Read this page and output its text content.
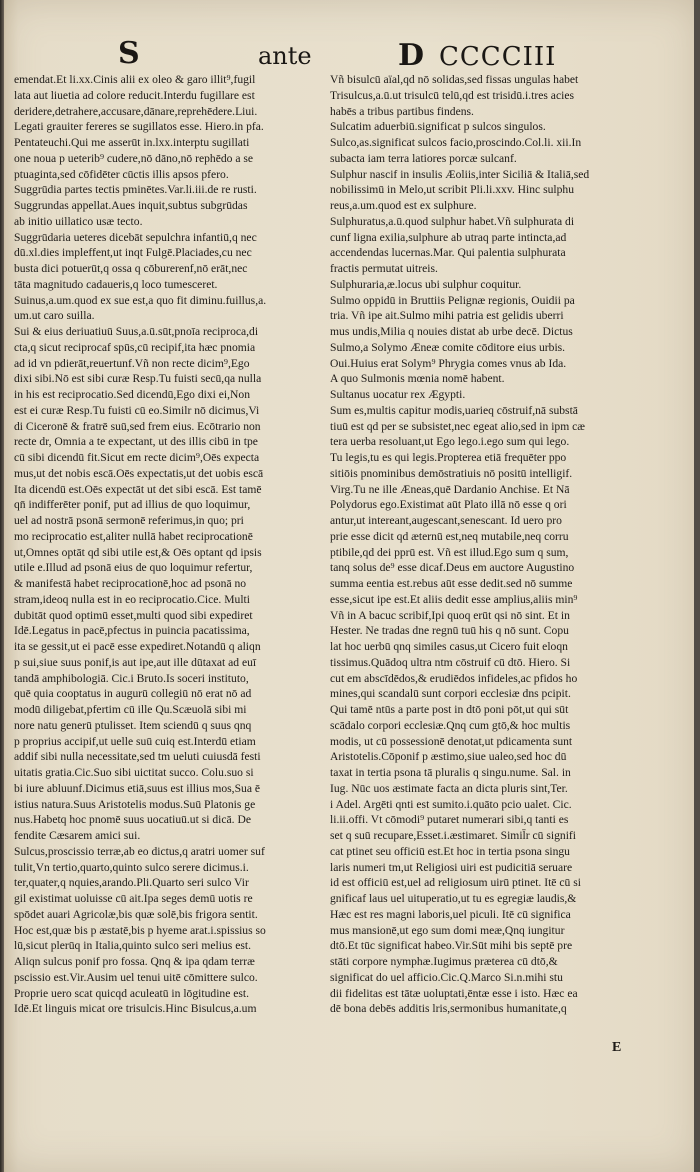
S	ante	D CCCCIII
emendat.Et li.xx.Cinis alii ex oleo & garo illit⁹,fugil
lata aut liuetia ad colore reducit.Interdu fugillare est
deridere,detrahere,accusare,dānare,reprehēdere.Liui.
Legati grauiter fereres se sugillatos esse. Hiero.in pfa.
Pentateuchi.Qui me asserūt in.lxx.interptu sugillati
one noua p ueterib⁹ cudere,nō dāno,nō rephēdo a se
ptuaginta,sed cōfidēter cūctis illis apsos pfero.
Suggrūdia partes tectis pminētes.Var.li.iii.de re rusti.
Suggrundas appellat.Aues inquit,subtus subgrūdas
ab initio uillatico usæ tecto.
Suggrūdaria ueteres dicebāt sepulchra infantiū,q nec
dū.xl.dies impleffent,ut inqt Fulgē.Placiades,cu nec
busta dici potuerūt,q ossa q cōburerenf,nō erāt,nec
tāta magnitudo cadaueris,q loco tumesceret.
Suinus,a.um.quod ex sue est,a quo fit diminu.fuillus,a.
um.ut caro suilla.
Sui & eius deriuatiuū Suus,a.ū.sūt,pnoīa reciproca,di
cta,q sicut reciprocaf spūs,cū recipif,ita hæc pnomia
ad id vn pdierāt,reuertunf.Vñ non recte dicim⁹,Ego
dixi sibi.Nō est sibi curæ Resp.Tu fuisti secū,qa nulla
in his est reciprocatio.Sed dicendū,Ego dixi ei,Non
est ei curæ Resp.Tu fuisti cū eo.Similr nō dicimus,Vi
di Ciceronē & fratrē suū,sed frem eius. Ecōtrario non
recte dr, Omnia a te expectant, ut des illis cibū in tpe
cū sibi dicendū fit.Sicut em recte dicim⁹,Oēs expecta
mus,ut det nobis escā.Oēs expectatis,ut det uobis escā
Ita dicendū est.Oēs expectāt ut det sibi escā. Est tamē
qn̄ indifferēter ponif, put ad illius de quo loquimur,
uel ad nostrā psonā sermonē referimus,in quo; pri
mo reciprocatio est,aliter nullā habet reciprocationē
ut,Omnes optāt qd sibi utile est,& Oēs optant qd ipsis
utile e.Illud ad psonā eius de quo loquimur refertur,
& manifestā habet reciprocationē,hoc ad psonā no
stram,ideoq nulla est in eo reciprocatio.Cice. Multi
dubitāt quod optimū esset,multi quod sibi expediret
Idē.Legatus in pacē,pfectus in puincia pacatissima,
ita se gessit,ut ei pacē esse expediret.Notandū q aliqn
p sui,siue suus ponif,is aut ipe,aut ille dūtaxat ad euī
tandā amphibologiā. Cic.i Bruto.Is soceri instituto,
quē quia cooptatus in augurū collegiū nō erat nō ad
modū diligebat,pfertim cū ille Qu.Scæuolā sibi mi
nore natu generū ptulisset. Item sciendū q suus qnq
p proprius accipif,ut uelle suū cuiq est.Interdū etiam
addif sibi nulla necessitate,sed tm ueluti cuiusdā festi
uitatis gratia.Cic.Suo sibi uictitat succo. Colu.suo si
bi iure abluunf.Dicimus etiā,suus est illius mos,Sua ē
istius natura.Suus Aristotelis modus.Suū Platonis ge
nus.Habetq hoc pnomē suus uocatiuū.ut si dicā. De
fendite Cæsarem amici sui.
Sulcus,proscissio terræ,ab eo dictus,q aratri uomer suf
tulit,Vn tertio,quarto,quinto sulco serere dicimus.i.
ter,quater,q nquies,arando.Pli.Quarto seri sulco Vir
gil existimat uoluisse cū ait.Ipa seges demū uotis re
spōdet auari Agricolæ,bis quæ solē,bis frigora sentit.
Hoc est,quæ bis p æstatē,bis p hyeme arat.i.spissius so
lū,sicut plerūq in Italia,quinto sulco seri melius est.
Aliqn sulcus ponif pro fossa. Qnq & ipa qdam terræ
pscissio est.Vir.Ausim uel tenui uitē cōmittere sulco.
Proprie uero scat quicqd aculeatū in lōgitudine est.
Idē.Et linguis micat ore trisulcis.Hinc Bisulcus,a.um
Vñ bisulcū aïal,qd nō solidas,sed fissas ungulas habet
Trisulcus,a.ū.ut trisulcū telū,qd est trisidū.i.tres acies
habēs a tribus partibus findens.
Sulcatim aduerbiū.significat p sulcos singulos.
Sulco,as.significat sulcos facio,proscindo.Col.li. xii.In
subacta iam terra latiores porcæ sulcanf.
Sulphur nascif in insulis Æoliis,inter Siciliā & Italiā,sed
nobilissimū in Melo,ut scribit Pli.li.xxv. Hinc sulphu
reus,a.um.quod est ex sulphure.
Sulphuratus,a.ū.quod sulphur habet.Vñ sulphurata di
cunf ligna exilia,sulphure ab utraq parte intincta,ad
accendendas lucernas.Mar. Qui palentia sulphurata
fractis permutat uitreis.
Sulphuraria,æ.locus ubi sulphur coquitur.
Sulmo oppidū in Bruttiis Pelignæ regionis, Ouidii pa
tria. Vñ ipe ait.Sulmo mihi patria est gelidis uberri
mus undis,Milia q nouies distat ab urbe decē. Dictus
Sulmo,a Solymo Æneæ comite cōditore eius urbis.
Oui.Huius erat Solym⁹ Phrygia comes vnus ab Ida.
A quo Sulmonis mœnia nomē habent.
Sultanus uocatur rex Ægypti.
Sum es,multis capitur modis,uarieq cōstruif,nā substā
tiuū est qd per se subsistet,nec egeat alio,sed in ipm cæ
tera uerba resoluant,ut Ego lego.i.ego sum qui lego.
Tu legis,tu es qui legis.Propterea etiā frequēter ppo
sitiōis pnominibus demōstratiuis nō positū intelligif.
Virg.Tu ne ille Æneas,quē Dardanio Anchise. Et Nā
Polydorus ego.Existimat aūt Plato illā nō esse q ori
antur,ut intereant,augescant,senescant. Id uero pro
prie esse dicit qd æternū est,neq mutabile,neq corru
ptibile,qd dei pprū est. Vñ est illud.Ego sum q sum,
tanq solus de⁹ esse dicaf.Deus em auctore Augustino
summa eentia est.rebus aūt esse dedit.sed nō summe
esse,sicut ipe est.Et aliis dedit esse amplius,aliis min⁹
Vñ in A bacuc scribif,Ipi quoq erūt qsi nō sint. Et in
Hester. Ne tradas dne regnū tuū his q nō sunt. Copu
lat hoc uerbū qnq similes casus,ut Cicero fuit eloqn
tissimus.Quādoq ultra ntm cōstruif cū dtō. Hiero. Si
cut em abscīdēdos,& erudiēdos infideles,ac pfidos ho
mines,qui scandalū sunt corpori ecclesiæ dns pcipit.
Qui tamē ntūs a parte post in dtō poni pōt,ut qui sūt
scādalo corpori ecclesiæ.Qnq cum gtō,& hoc multis
modis, ut cū possessionē denotat,ut pdicamenta sunt
Aristotelis.Cōponif p æstimo,siue ualeo,sed hoc dū
taxat in tertia psona tā pluralis q singu.nume. Sal. in
Iug. Nūc uos æstimate facta an dicta pluris sint,Ter.
i Adel. Argēti qnti est sumito.i.quāto pcio ualet. Cic.
li.ii.offi. Vt cōmodi⁹ putaret numerari sibi,q tanti es
set q suū recupare,Esset.i.æstimaret. Simil̄r cū signifi
cat ptinet seu officiū est.Et hoc in tertia psona singu
laris numeri tm,ut Religiosi uiri est pudicitiā seruare
id est officiū est,uel ad religiosum uirū ptinet. Itē cū si
gnificaf laus uel uituperatio,ut tu es egregiæ laudis,&
Hæc est res magni laboris,uel piculi. Itē cū significa
mus mansionē,ut ego sum domi meæ,Qnq iungitur
dtō.Et tūc significat habeo.Vir.Sūt mihi bis septē pre
stāti corpore nymphæ.Iugimus præterea cū dtō,&
significat do uel afficio.Cic.Q.Marco Si.n.mihi stu
dii fidelitas est tātæ uoluptati,ēntæ esse i isto. Hæc ea
dē bona debēs additis lris,sermonibus humanitate,q
E
